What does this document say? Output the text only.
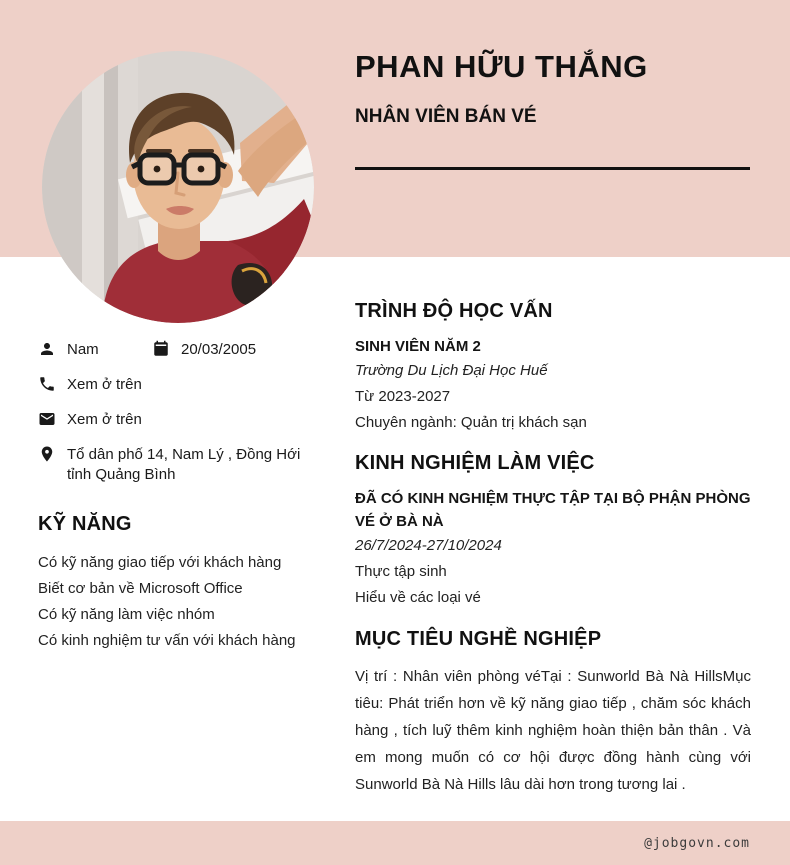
PHAN HỮU THẮNG
NHÂN VIÊN BÁN VÉ
Nam	20/03/2005
Xem ở trên
Xem ở trên
Tổ dân phố 14, Nam Lý , Đồng Hới tỉnh Quảng Bình
KỸ NĂNG
Có kỹ năng giao tiếp với khách hàng
Biết cơ bản về Microsoft Office
Có kỹ năng làm việc nhóm
Có kinh nghiệm tư vấn với khách hàng
TRÌNH ĐỘ HỌC VẤN
SINH VIÊN NĂM 2
Trường Du Lịch Đại Học Huế
Từ 2023-2027
Chuyên ngành: Quản trị khách sạn
KINH NGHIỆM LÀM VIỆC
ĐÃ CÓ KINH NGHIỆM THỰC TẬP TẠI BỘ PHẬN PHÒNG VÉ Ở BÀ NÀ
26/7/2024-27/10/2024
Thực tập sinh
Hiểu về các loại vé
MỤC TIÊU NGHỀ NGHIỆP
Vị trí : Nhân viên phòng véTại : Sunworld Bà Nà HillsMục tiêu: Phát triển hơn về kỹ năng giao tiếp , chăm sóc khách hàng , tích luỹ thêm kinh nghiệm hoàn thiện bản thân . Và em mong muốn có cơ hội được đồng hành cùng với Sunworld Bà Nà Hills lâu dài hơn trong tương lai .
@jobgovn.com
